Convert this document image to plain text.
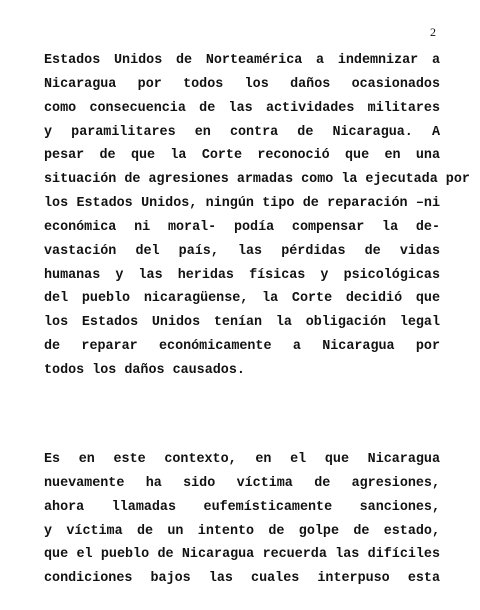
2
Estados Unidos de Norteamérica a indemnizar a
Nicaragua por todos los daños ocasionados
como consecuencia de las actividades militares
y paramilitares en contra de Nicaragua. A
pesar de que la Corte reconoció que en una
situación de agresiones armadas como la ejecutada por
los Estados Unidos, ningún tipo de reparación –ni
económica ni moral- podía compensar la de-
vastación del país, las pérdidas de vidas
humanas y las heridas físicas y psicológicas
del pueblo nicaragüense, la Corte decidió que
los Estados Unidos tenían la obligación legal
de reparar económicamente a Nicaragua por
todos los daños causados.
Es en este contexto, en el que Nicaragua
nuevamente ha sido víctima de agresiones,
ahora llamadas eufemísticamente sanciones,
y víctima de un intento de golpe de estado,
que el pueblo de Nicaragua recuerda las difíciles
condiciones bajos las cuales interpuso esta
